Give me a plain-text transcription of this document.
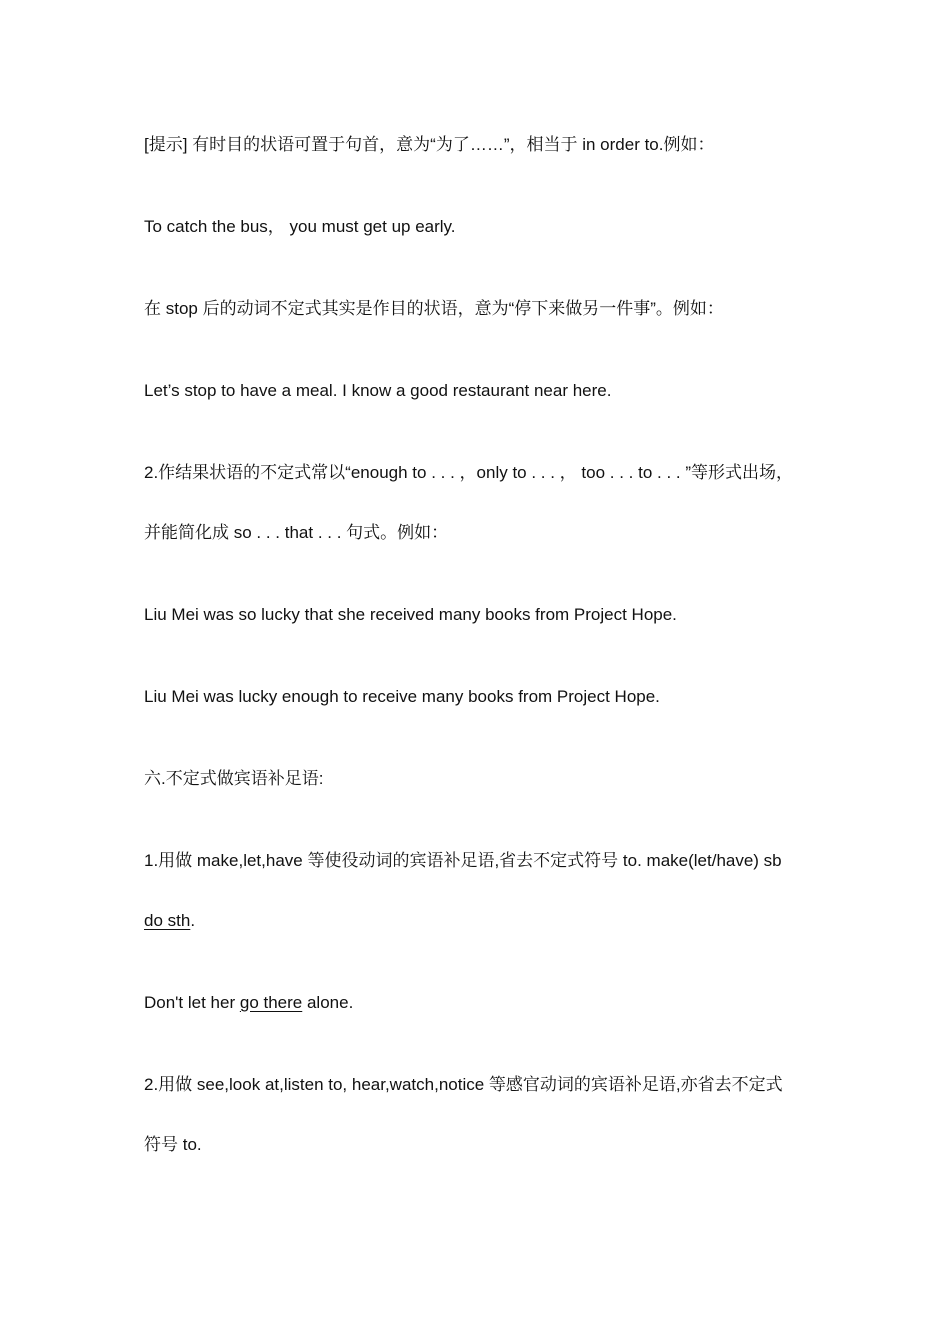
[提示] 有时目的状语可置于句首，意为“为了……”，相当于 in order to.例如：
To catch the bus， you must get up early.
在 stop 后的动词不定式其实是作目的状语，意为“停下来做另一件事”。例如：
Let’s stop to have a meal. I know a good restaurant near here.
2.作结果状语的不定式常以“enough to . . . ，only to . . . ， too . . . to . . . ”等形式出场，
并能简化成 so . . . that . . . 句式。例如：
Liu Mei was so lucky that she received many books from Project Hope.
Liu Mei was lucky enough to receive many books from Project Hope.
六.不定式做宾语补足语:
1.用做 make,let,have 等使役动词的宾语补足语,省去不定式符号 to. make(let/have) sb
do sth.
Don't let her go there alone.
2.用做 see,look at,listen to, hear,watch,notice 等感官动词的宾语补足语,亦省去不定式
符号 to.
